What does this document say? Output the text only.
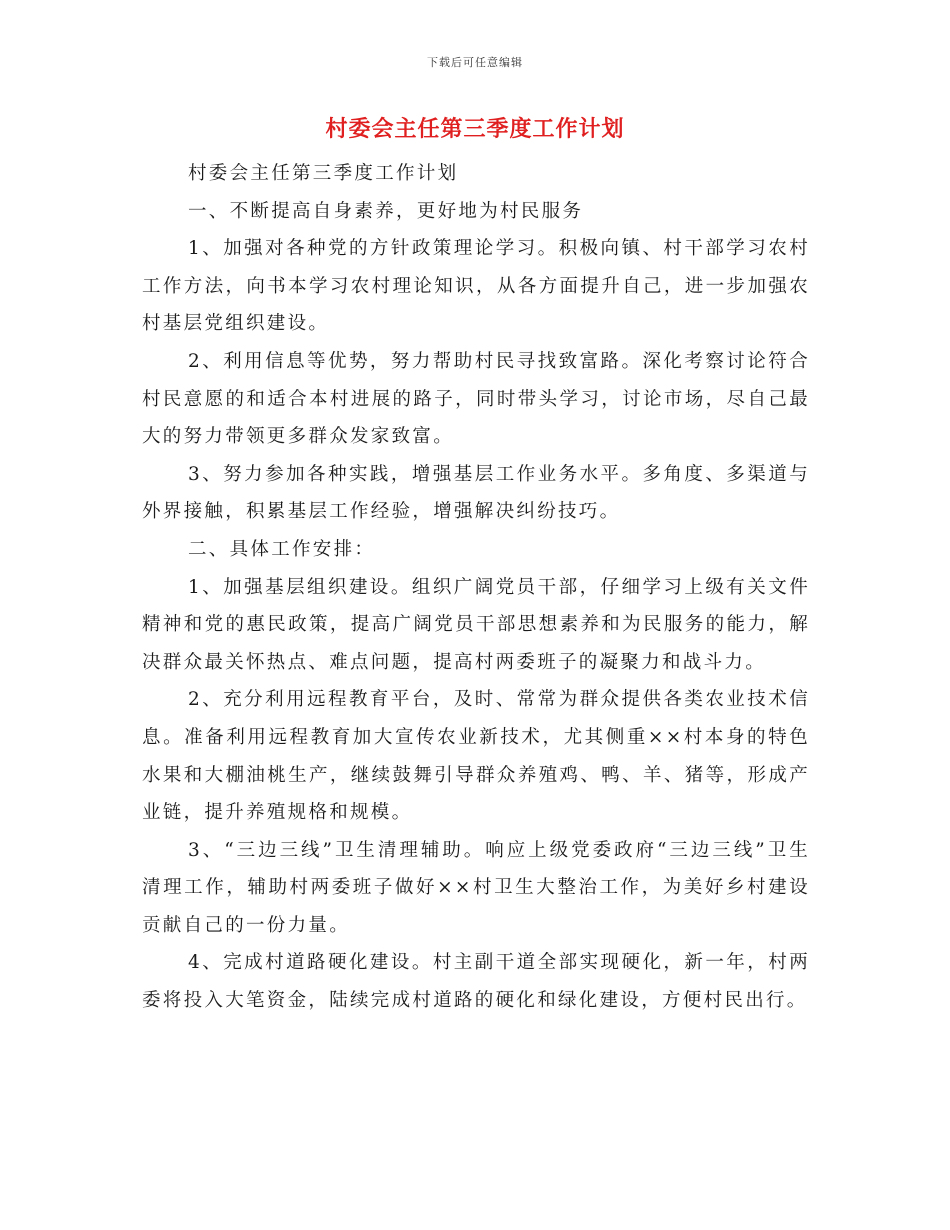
下载后可任意编辑
村委会主任第三季度工作计划

村委会主任第三季度工作计划

一、不断提高自身素养，更好地为村民服务

1、加强对各种党的方针政策理论学习。积极向镇、村干部学习农村工作方法，向书本学习农村理论知识，从各方面提升自己，进一步加强农村基层党组织建设。

2、利用信息等优势，努力帮助村民寻找致富路。深化考察讨论符合村民意愿的和适合本村进展的路子，同时带头学习，讨论市场，尽自己最大的努力带领更多群众发家致富。

3、努力参加各种实践，增强基层工作业务水平。多角度、多渠道与外界接触，积累基层工作经验，增强解决纠纷技巧。

二、具体工作安排：

1、加强基层组织建设。组织广阔党员干部，仔细学习上级有关文件精神和党的惠民政策，提高广阔党员干部思想素养和为民服务的能力，解决群众最关怀热点、难点问题，提高村两委班子的凝聚力和战斗力。

2、充分利用远程教育平台，及时、常常为群众提供各类农业技术信息。准备利用远程教育加大宣传农业新技术，尤其侧重××村本身的特色水果和大棚油桃生产，继续鼓舞引导群众养殖鸡、鸭、羊、猪等，形成产业链，提升养殖规格和规模。

3、“三边三线”卫生清理辅助。响应上级党委政府“三边三线”卫生清理工作，辅助村两委班子做好××村卫生大整治工作，为美好乡村建设贡献自己的一份力量。

4、完成村道路硬化建设。村主副干道全部实现硬化，新一年，村两委将投入大笔资金，陆续完成村道路的硬化和绿化建设，方便村民出行。
